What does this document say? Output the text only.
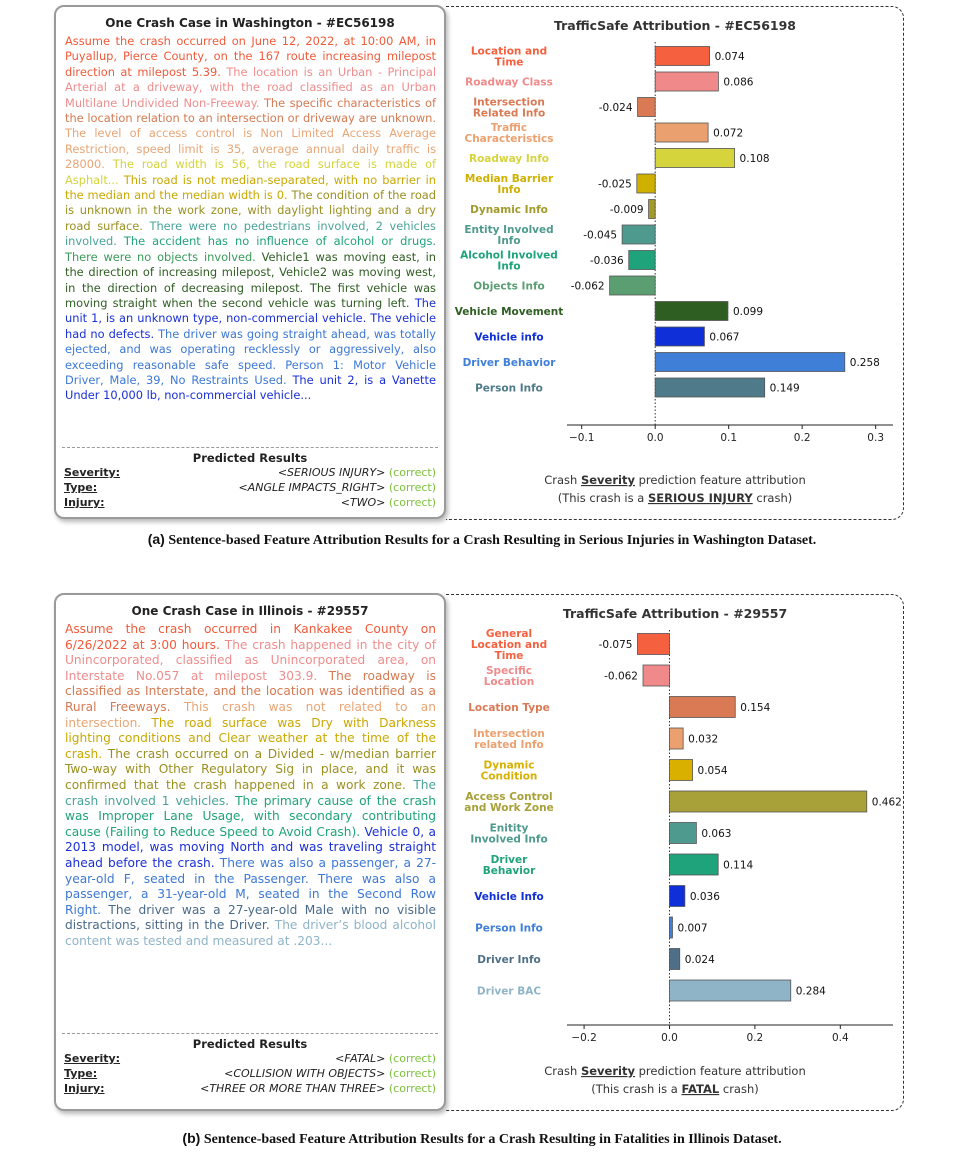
One Crash Case in Washington - #EC56198
Assume the crash occurred on June 12, 2022, at 10:00 AM, in Puyallup, Pierce County, on the 167 route increasing milepost direction at milepost 5.39. The location is an Urban - Principal Arterial at a driveway, with the road classified as an Urban Multilane Undivided Non-Freeway. The specific characteristics of the location relation to an intersection or driveway are unknown. The level of access control is Non Limited Access Average Restriction, speed limit is 35, average annual daily traffic is 28000. The road width is 56, the road surface is made of Asphalt... This road is not median-separated, with no barrier in the median and the median width is 0. The condition of the road is unknown in the work zone, with daylight lighting and a dry road surface. There were no pedestrians involved, 2 vehicles involved. The accident has no influence of alcohol or drugs. There were no objects involved. Vehicle1 was moving east, in the direction of increasing milepost, Vehicle2 was moving west, in the direction of decreasing milepost. The first vehicle was moving straight when the second vehicle was turning left. The unit 1, is an unknown type, non-commercial vehicle. The vehicle had no defects. The driver was going straight ahead, was totally ejected, and was operating recklessly or aggressively, also exceeding reasonable safe speed. Person 1: Motor Vehicle Driver, Male, 39, No Restraints Used. The unit 2, is a Vanette Under 10,000 lb, non-commercial vehicle...
Predicted Results
Severity:	<SERIOUS INJURY> (correct)
Type:	<ANGLE IMPACTS_RIGHT> (correct)
Injury:	<TWO> (correct)
TrafficSafe Attribution - #EC56198
0.074
Location and Time
0.086
Roadway Class
-0.024
Intersection Related Info
0.072
Traffic Characteristics
0.108
Roadway Info
-0.025
Median Barrier Info
-0.009
Dynamic Info
-0.045
Entity Involved Info
-0.036
Alcohol Involved Info
-0.062
Objects Info
0.099
Vehicle Movement
0.067
Vehicle info
0.258
Driver Behavior
0.149
Person Info
−0.1	0.0	0.1	0.2	0.3
Crash Severity prediction feature attribution
(This crash is a SERIOUS INJURY crash)
(a) Sentence-based Feature Attribution Results for a Crash Resulting in Serious Injuries in Washington Dataset.
One Crash Case in Illinois - #29557
Assume the crash occurred in Kankakee County on 6/26/2022 at 3:00 hours. The crash happened in the city of Unincorporated, classified as Unincorporated area, on Interstate No.057 at milepost 303.9. The roadway is classified as Interstate, and the location was identified as a Rural Freeways. This crash was not related to an intersection. The road surface was Dry with Darkness lighting conditions and Clear weather at the time of the crash. The crash occurred on a Divided - w/median barrier Two-way with Other Regulatory Sig in place, and it was confirmed that the crash happened in a work zone. The crash involved 1 vehicles. The primary cause of the crash was Improper Lane Usage, with secondary contributing cause (Failing to Reduce Speed to Avoid Crash). Vehicle 0, a 2013 model, was moving North and was traveling straight ahead before the crash. There was also a passenger, a 27-year-old F, seated in the Passenger. There was also a passenger, a 31-year-old M, seated in the Second Row Right. The driver was a 27-year-old Male with no visible distractions, sitting in the Driver. The driver’s blood alcohol content was tested and measured at .203...
Predicted Results
Severity:	<FATAL> (correct)
Type:	<COLLISION WITH OBJECTS> (correct)
Injury:	<THREE OR MORE THAN THREE> (correct)
TrafficSafe Attribution - #29557
-0.075
General Location and Time
-0.062
Specific Location
0.154
Location Type
0.032
Intersection related Info
0.054
Dynamic Condition
0.462
Access Control and Work Zone
0.063
Enitity Involved Info
0.114
Driver Behavior
0.036
Vehicle Info
0.007
Person Info
0.024
Driver Info
0.284
Driver BAC
−0.2	0.0	0.2	0.4
Crash Severity prediction feature attribution
(This crash is a FATAL crash)
(b) Sentence-based Feature Attribution Results for a Crash Resulting in Fatalities in Illinois Dataset.
